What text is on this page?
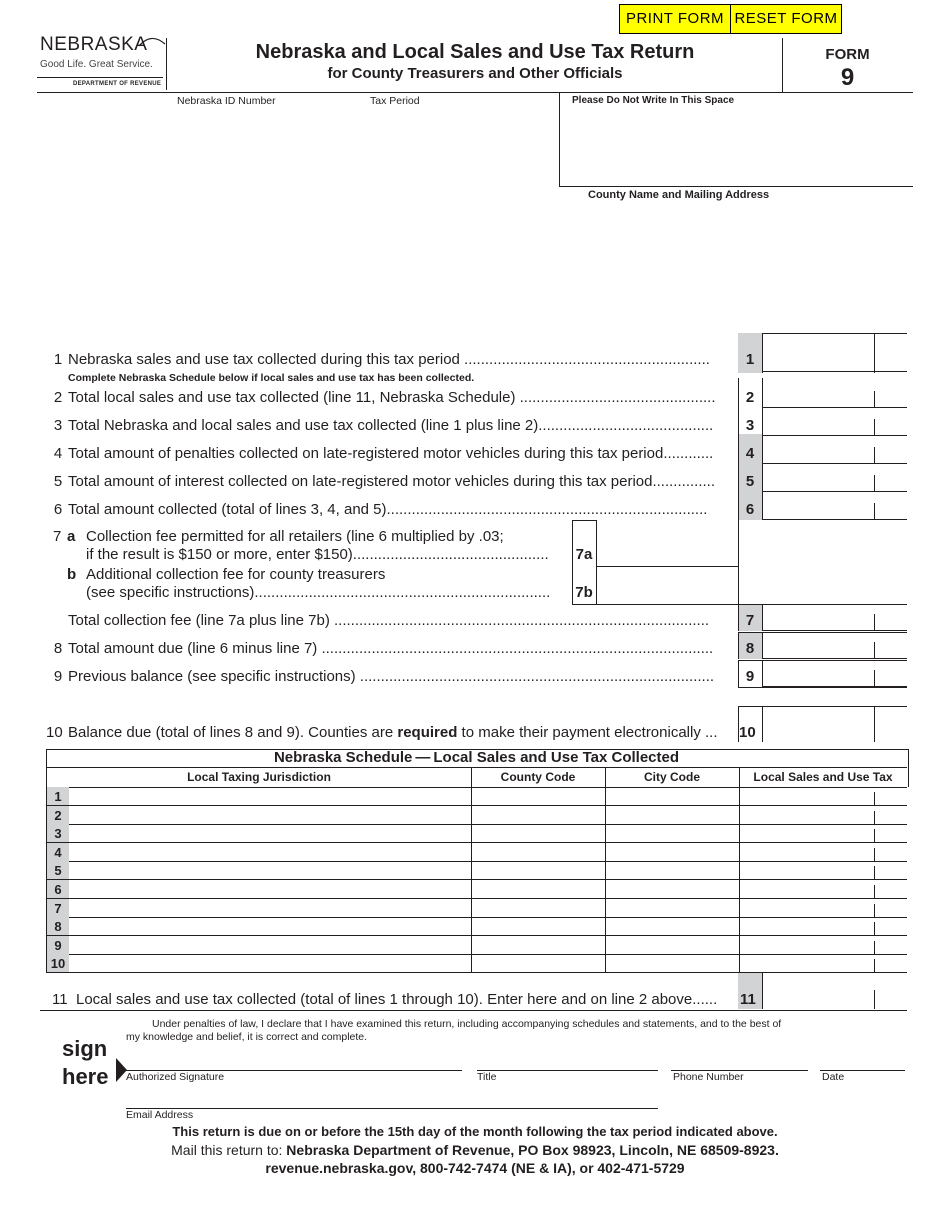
PRINT FORM RESET FORM
NEBRASKA
Good Life. Great Service.
DEPARTMENT OF REVENUE
Nebraska and Local Sales and Use Tax Return
for County Treasurers and Other Officials
FORM
9
Nebraska ID Number	Tax Period	Please Do Not Write In This Space
County Name and Mailing Address
1 Nebraska sales and use tax collected during this tax period ...........................................................	1
Complete Nebraska Schedule below if local sales and use tax has been collected.
2 Total local sales and use tax collected (line 11, Nebraska Schedule) ...............................................	2
3 Total Nebraska and local sales and use tax collected (line 1 plus line 2)..........................................	3
4 Total amount of penalties collected on late-registered motor vehicles during this tax period............	4
5 Total amount of interest collected on late-registered motor vehicles during this tax period...............	5
6 Total amount collected (total of lines 3, 4, and 5).............................................................................	6
7 a Collection fee permitted for all retailers (line 6 multiplied by .03;
if the result is $150 or more, enter $150)............................................... 7a
b Additional collection fee for county treasurers
(see specific instructions)....................................................................... 7b
Total collection fee (line 7a plus line 7b) ..........................................................................................	7
8 Total amount due (line 6 minus line 7) ..............................................................................................	8
9 Previous balance (see specific instructions) .....................................................................................	9
10 Balance due (total of lines 8 and 9). Counties are required to make their payment electronically ... 10
Nebraska Schedule — Local Sales and Use Tax Collected
Local Taxing Jurisdiction	County Code	City Code	Local Sales and Use Tax
1
2
3
4
5
6
7
8
9
10
11 Local sales and use tax collected (total of lines 1 through 10). Enter here and on line 2 above...... 11
Under penalties of law, I declare that I have examined this return, including accompanying schedules and statements, and to the best of
my knowledge and belief, it is correct and complete.
sign
here Authorized Signature	Title	Phone Number	Date
Email Address
This return is due on or before the 15th day of the month following the tax period indicated above.
Mail this return to: Nebraska Department of Revenue, PO Box 98923, Lincoln, NE 68509-8923.
revenue.nebraska.gov, 800-742-7474 (NE & IA), or 402-471-5729
